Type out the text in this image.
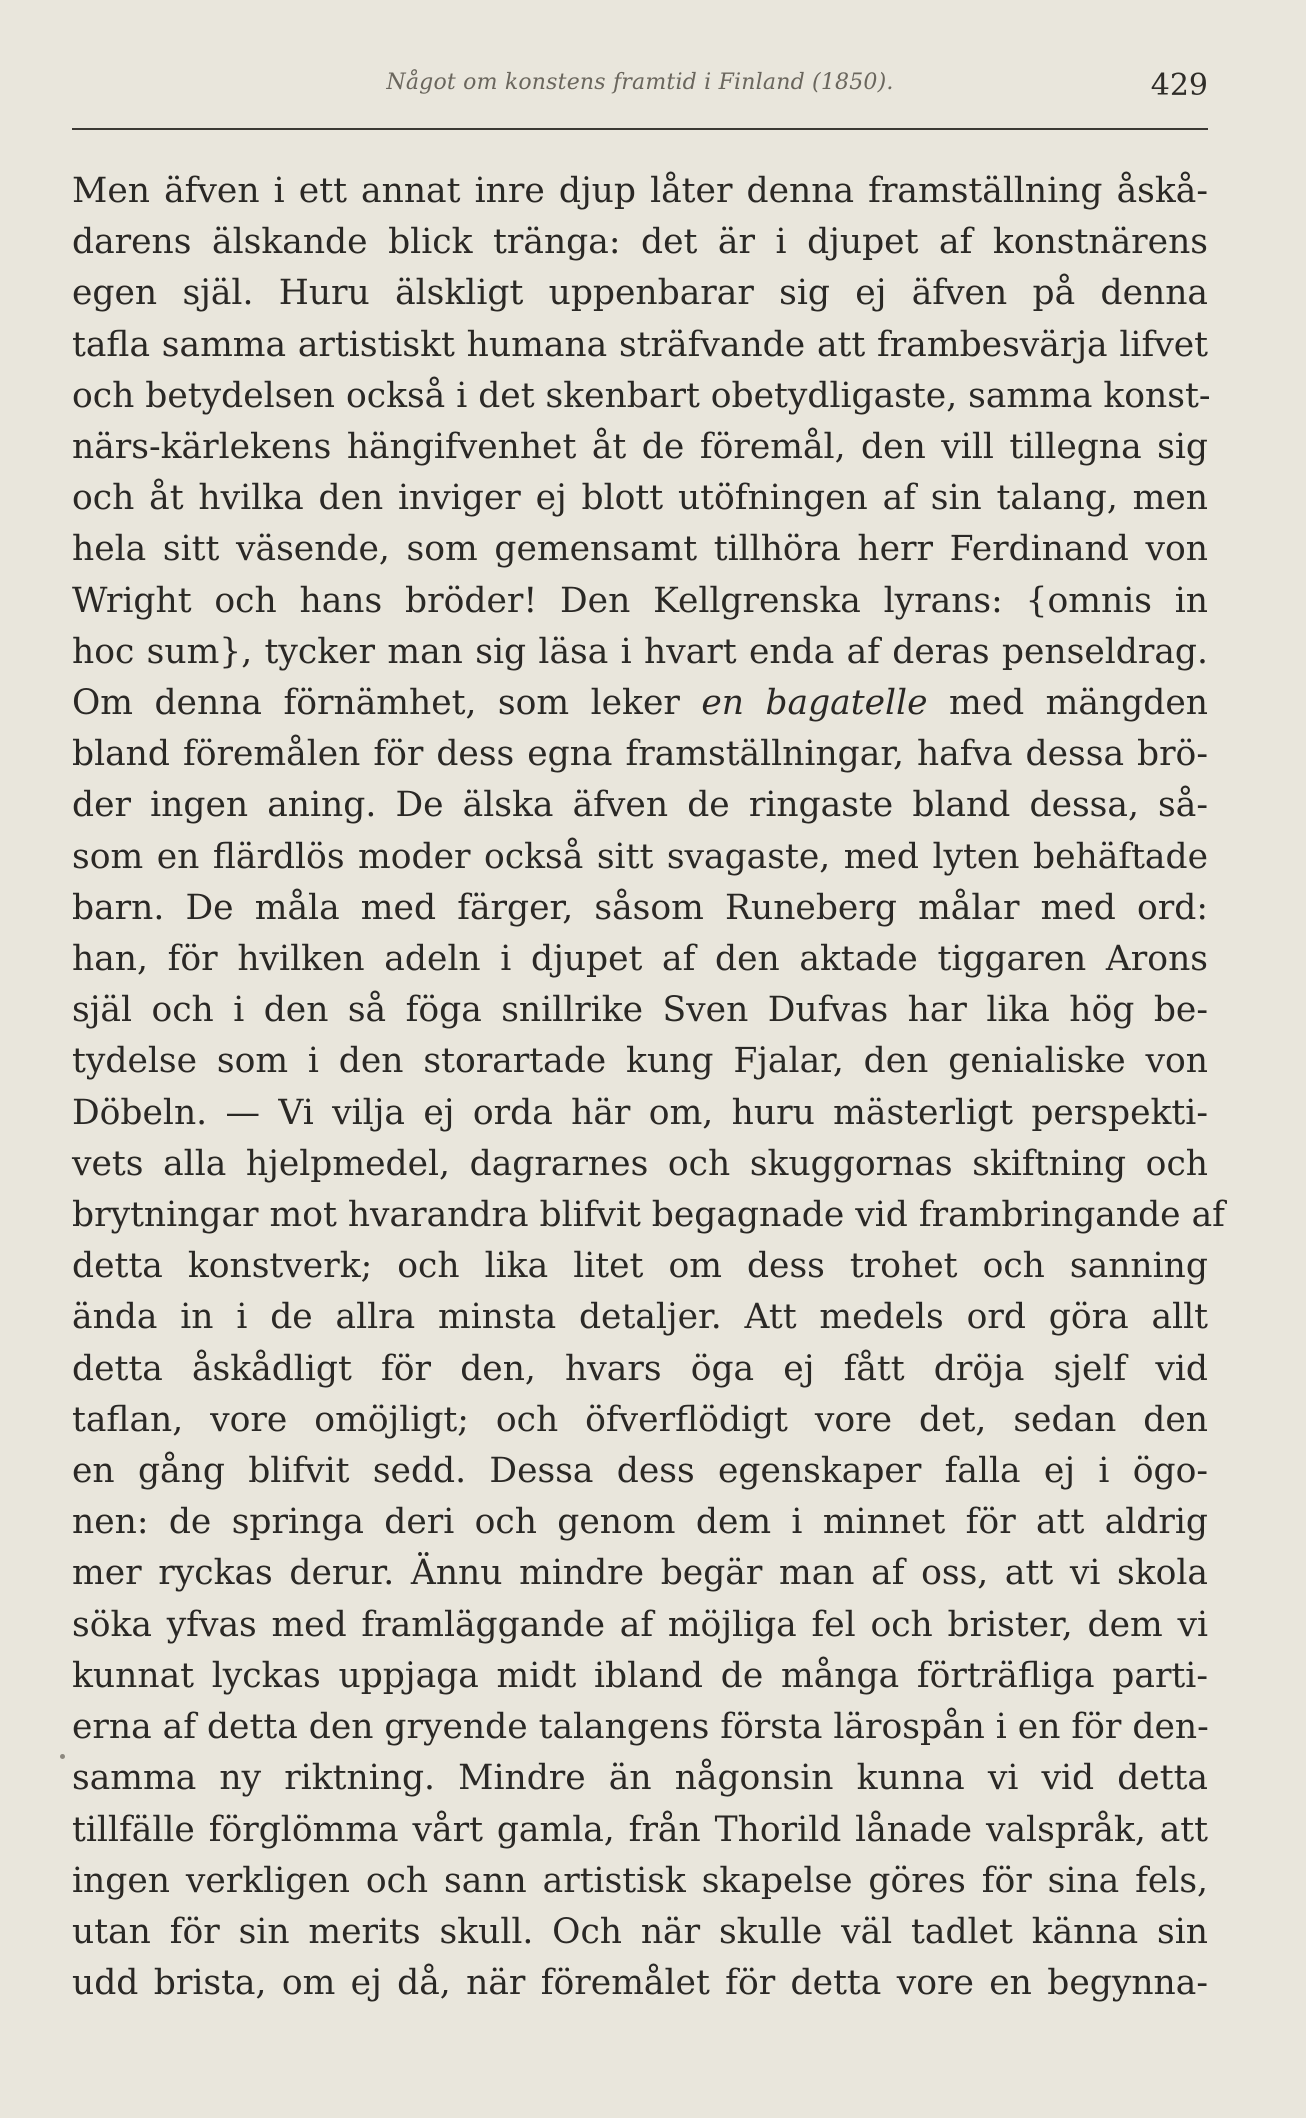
Något om konstens framtid i Finland (1850).	429
Men äfven i ett annat inre djup låter denna framställning åskå-
darens älskande blick tränga: det är i djupet af konstnärens
egen själ. Huru älskligt uppenbarar sig ej äfven på denna
tafla samma artistiskt humana sträfvande att frambesvärja lifvet
och betydelsen också i det skenbart obetydligaste, samma konst-
närs-kärlekens hängifvenhet åt de föremål, den vill tillegna sig
och åt hvilka den inviger ej blott utöfningen af sin talang, men
hela sitt väsende, som gemensamt tillhöra herr Ferdinand von
Wright och hans bröder! Den Kellgrenska lyrans: {omnis in
hoc sum}, tycker man sig läsa i hvart enda af deras penseldrag.
Om denna förnämhet, som leker en bagatelle med mängden
bland föremålen för dess egna framställningar, hafva dessa brö-
der ingen aning. De älska äfven de ringaste bland dessa, så-
som en flärdlös moder också sitt svagaste, med lyten behäftade
barn. De måla med färger, såsom Runeberg målar med ord:
han, för hvilken adeln i djupet af den aktade tiggaren Arons
själ och i den så föga snillrike Sven Dufvas har lika hög be-
tydelse som i den storartade kung Fjalar, den genialiske von
Döbeln. — Vi vilja ej orda här om, huru mästerligt perspekti-
vets alla hjelpmedel, dagrarnes och skuggornas skiftning och
brytningar mot hvarandra blifvit begagnade vid frambringande af
detta konstverk; och lika litet om dess trohet och sanning
ända in i de allra minsta detaljer. Att medels ord göra allt
detta åskådligt för den, hvars öga ej fått dröja sjelf vid
taflan, vore omöjligt; och öfverflödigt vore det, sedan den
en gång blifvit sedd. Dessa dess egenskaper falla ej i ögo-
nen: de springa deri och genom dem i minnet för att aldrig
mer ryckas derur. Ännu mindre begär man af oss, att vi skola
söka yfvas med framläggande af möjliga fel och brister, dem vi
kunnat lyckas uppjaga midt ibland de många förträfliga parti-
erna af detta den gryende talangens första lärospån i en för den-
samma ny riktning. Mindre än någonsin kunna vi vid detta
tillfälle förglömma vårt gamla, från Thorild lånade valspråk, att
ingen verkligen och sann artistisk skapelse göres för sina fels,
utan för sin merits skull. Och när skulle väl tadlet känna sin
udd brista, om ej då, när föremålet för detta vore en begynna-
